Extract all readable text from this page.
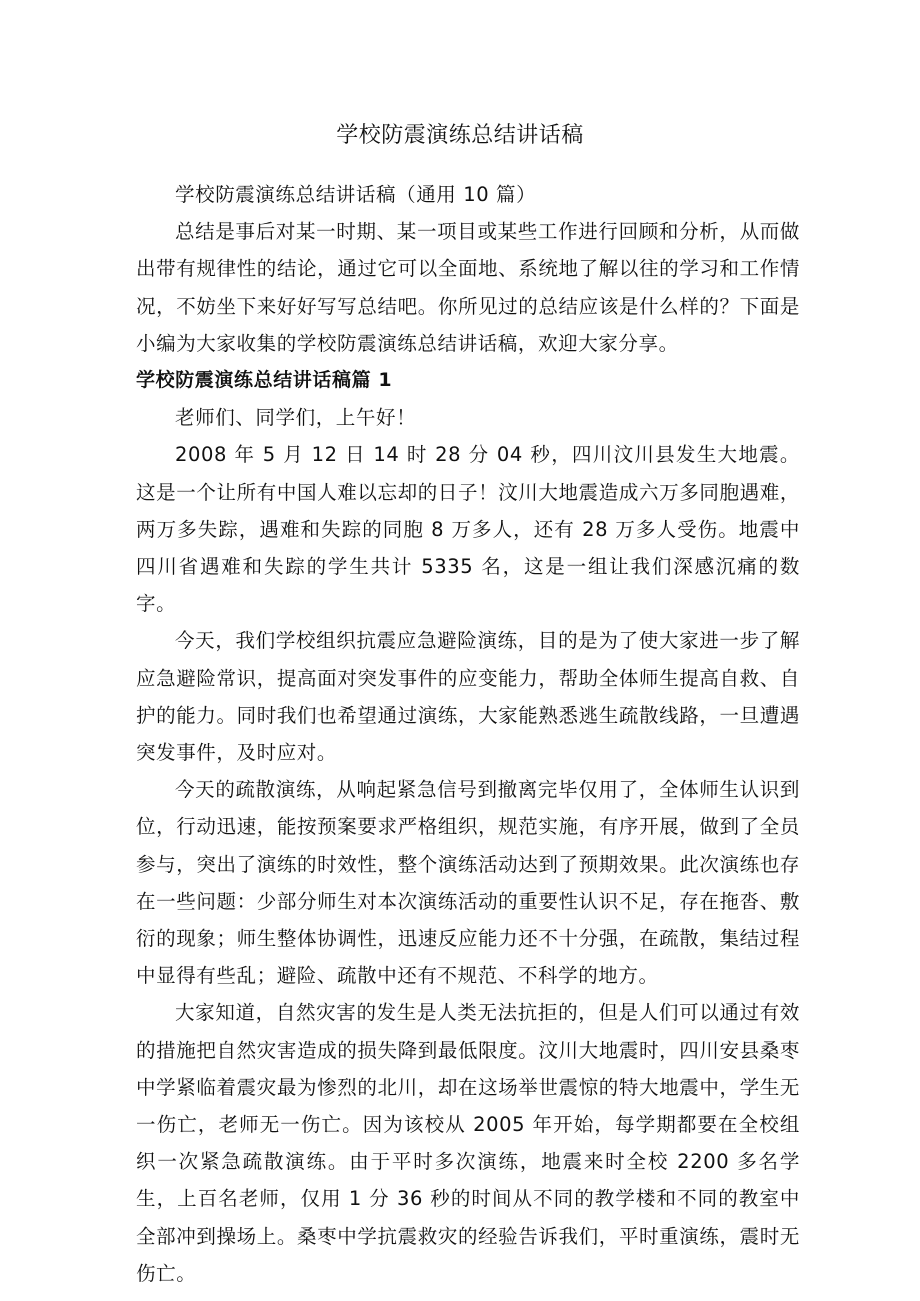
学校防震演练总结讲话稿

学校防震演练总结讲话稿（通用 10 篇）

总结是事后对某一时期、某一项目或某些工作进行回顾和分析，从而做出带有规律性的结论，通过它可以全面地、系统地了解以往的学习和工作情况，不妨坐下来好好写写总结吧。你所见过的总结应该是什么样的？下面是小编为大家收集的学校防震演练总结讲话稿，欢迎大家分享。

学校防震演练总结讲话稿篇 1

老师们、同学们，上午好！

2008 年 5 月 12 日 14 时 28 分 04 秒，四川汶川县发生大地震。这是一个让所有中国人难以忘却的日子！汶川大地震造成六万多同胞遇难，两万多失踪，遇难和失踪的同胞 8 万多人，还有 28 万多人受伤。地震中四川省遇难和失踪的学生共计 5335 名，这是一组让我们深感沉痛的数字。

今天，我们学校组织抗震应急避险演练，目的是为了使大家进一步了解应急避险常识，提高面对突发事件的应变能力，帮助全体师生提高自救、自护的能力。同时我们也希望通过演练，大家能熟悉逃生疏散线路，一旦遭遇突发事件，及时应对。

今天的疏散演练，从响起紧急信号到撤离完毕仅用了，全体师生认识到位，行动迅速，能按预案要求严格组织，规范实施，有序开展，做到了全员参与，突出了演练的时效性，整个演练活动达到了预期效果。此次演练也存在一些问题：少部分师生对本次演练活动的重要性认识不足，存在拖沓、敷衍的现象；师生整体协调性，迅速反应能力还不十分强，在疏散，集结过程中显得有些乱；避险、疏散中还有不规范、不科学的地方。

大家知道，自然灾害的发生是人类无法抗拒的，但是人们可以通过有效的措施把自然灾害造成的损失降到最低限度。汶川大地震时，四川安县桑枣中学紧临着震灾最为惨烈的北川，却在这场举世震惊的特大地震中，学生无一伤亡，老师无一伤亡。因为该校从 2005 年开始，每学期都要在全校组织一次紧急疏散演练。由于平时多次演练，地震来时全校 2200 多名学生，上百名老师，仅用 1 分 36 秒的时间从不同的教学楼和不同的教室中全部冲到操场上。桑枣中学抗震救灾的经验告诉我们，平时重演练，震时无伤亡。
